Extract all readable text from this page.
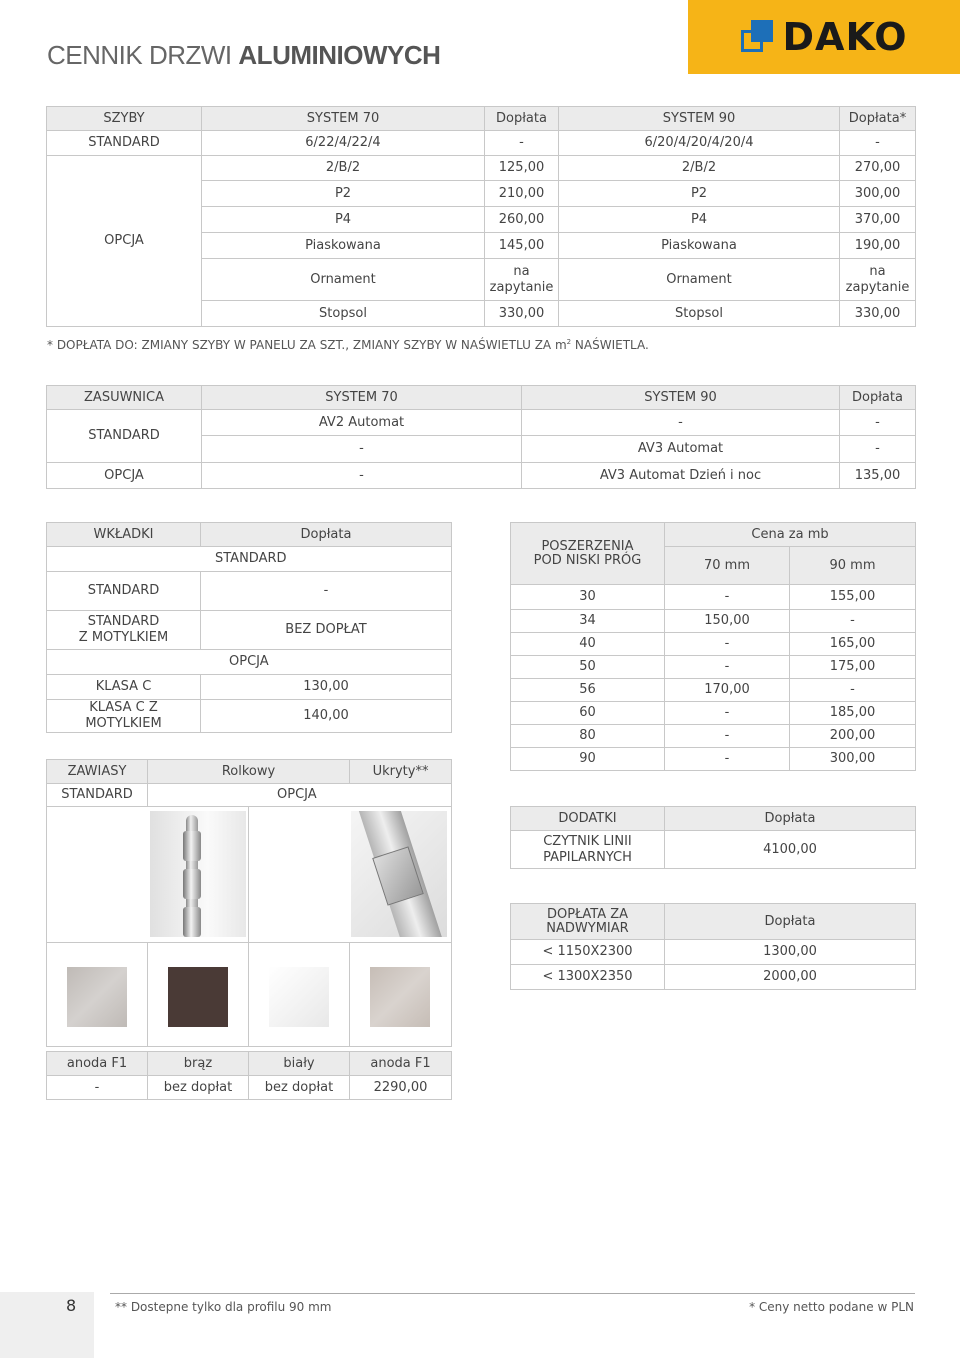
CENNIK DRZWI ALUMINIOWYCH	DAKO
SZYBY	SYSTEM 70	Dopłata	SYSTEM 90	Dopłata*
STANDARD	6/22/4/22/4	-	6/20/4/20/4/20/4	-
OPCJA	2/B/2	125,00	2/B/2	270,00
	P2	210,00	P2	300,00
	P4	260,00	P4	370,00
	Piaskowana	145,00	Piaskowana	190,00
	Ornament	na zapytanie	Ornament	na zapytanie
	Stopsol	330,00	Stopsol	330,00
* DOPŁATA DO: ZMIANY SZYBY W PANELU ZA SZT., ZMIANY SZYBY W NAŚWIETLU ZA $m^2$ NAŚWIETLA.
ZASUWNICA	SYSTEM 70	SYSTEM 90	Dopłata
STANDARD	AV2 Automat	-	-
	-	AV3 Automat	-
OPCJA	-	AV3 Automat Dzień i noc	135,00
WKŁADKI	Dopłata
STANDARD	
STANDARD	-
STANDARD
Z MOTYLKIEM	BEZ DOPŁAT
OPCJA	
KLASA C	130,00
KLASA C Z MOTYLKIEM	140,00
ZAWIASY	Rolkowy		Ukryty**
STANDARD	OPCJA		

anoda F1	brąz	biały	anoda F1
-	bez dopłat	bez dopłat	2290,00
POSZERZENIA
POD NISKI PRÓG	Cena za mb	
	70 mm	90 mm
30	-	155,00
34	150,00	-
40	-	165,00
50	-	175,00
56	170,00	-
60	-	185,00
80	-	200,00
90	-	300,00
DODATKI	Dopłata
CZYTNIK LINII
PAPILARNYCH	4100,00
DOPŁATA ZA
NADWYMIAR	Dopłata
< 1150X2300	1300,00
< 1300X2350	2000,00
8	** Dostepne tylko dla profilu 90 mm	* Ceny netto podane w PLN
